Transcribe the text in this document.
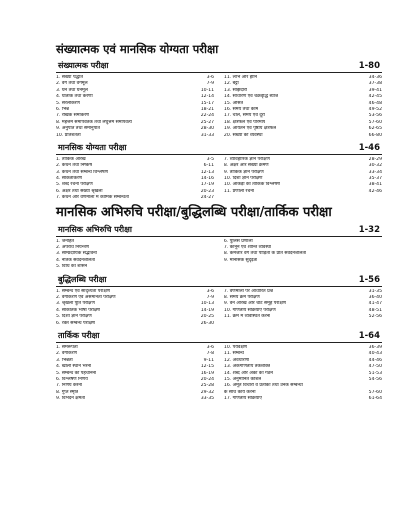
संख्यात्मक एवं मानसिक योग्यता परीक्षा
संख्यात्मक परीक्षा	1-80
1. संख्या पद्धति	3-6
2. वर्ग तथा वर्गमूल	7-9
3. घन तथा घनमूल	10-11
4. घातांक तथा करणी	12-14
5. सरलीकरण	15-17
6. भिन्न	18-21
7. रैखिक समीकरण	22-24
8. महत्तम समापवर्तक तथा लघुत्तम समापवर्त्य	25-27
9. अनुपात तथा समानुपात	28-30
10. प्रतिशतता	31-33
11. लाभ और हानि	34-36
12. बट्टा	37-38
13. साझेदारी	39-41
14. साधारण एवं चक्रवृद्धि ब्याज	42-45
15. औसत	46-48
16. समय तथा काम	49-52
17. चाल, समय एवं दूरी	53-56
18. क्षेत्रफल एवं परिमाप	57-60
19. आयतन एवं पृष्ठीय क्षेत्रफल	62-65
20. संख्यों को व्यवस्था	66-80
मानसिक योग्यता परीक्षा	1-46
1. तार्किक आरेख	3-5
2. कथन तथा निष्कर्ष	6-11
3. कथन तथा सम्बन्ध विश्लेषण	12-13
4. सांकेतीकरण	14-16
5. शब्द रचना परीक्षण	17-19
6. अक्षर तथा संख्या श्रृंखला	20-23
7. कथन और वर्णमाला में कार्मिक सम्बन्धता	24-27
7. व्यावहारिक ज्ञान परीक्षण	28-29
8. अक्षर और संख्या क्रमेण	30-32
9. तार्किक ज्ञान परीक्षण	33-34
10. दिशा ज्ञान परीक्षण	35-37
10. आँकड़ों का तार्किक विश्लेषण	38-41
11. प्रणाली रचना	42-46
मानसिक अभिरुचि परीक्षा/बुद्धिलब्धि परीक्षा/तार्किक परीक्षा
मानसिक अभिरुचि परीक्षा	1-32
1. जनहित
2. अपराध नियन्त्रण
3. साम्प्रदायिक सद्भावना
4. नैतिक संवेदनशीलता
5. विधि का शासन
6. पुलिस प्रणाली
7. कानून एवं शान्ति व्यवस्था
8. कमजोर वर्ग तथा पीड़ितों के प्रति संवेदनशीलता
9. मानसिक सुदृढ़ता
बुद्धिलब्धि परीक्षा	1-56
1. सम्बन्ध एवं सादृश्यता परीक्षण	3-6
2. वर्गीकरण एवं असमानता परीक्षण	7-9
3. श्रृंखला पूर्ति परीक्षण	10-13
4. सांकेतिक भाषा परीक्षण	14-19
5. दिशा ज्ञान परीक्षण	20-25
6. रक्त सम्बन्ध परीक्षण	26-30
7. वर्णमाला पर आधारित प्रश्न	31-35
8. समय क्रम परीक्षण	36-40
9. वेन आरेख और चार्ट समूह परीक्षण	41-47
10. गणितीय संक्रियाएँ परीक्षण	48-51
11. क्रम में व्यवस्थित करना	52-56
तार्किक परीक्षा	1-64
1. समरूपता	3-6
2. वर्गीकरण	7-8
3. भिन्नता	9-11
4. खाली स्थान भरना	12-15
5. सम्बन्ध को पहचानना	16-19
6. विश्लेषण निर्णय	20-24
7. निर्णय करना	25-28
8. गुप्त स्मृति	29-32
9. विभेदन क्षमता	33-35
10. पर्यवेक्षण	36-39
11. सम्बन्ध	40-43
12. अवधारणा	44-46
13. अंकगणितीय तर्कशक्ति	47-50
14. शब्द और अंकों का गठन	51-53
15. अनुमानित कौशल	54-56
16. अमूर्त विचारों व प्रतीकों तथा उनके सम्बन्धों
के साथ कार्य करना	57-60
17. गणितीय संक्रियाएँ	61-64
